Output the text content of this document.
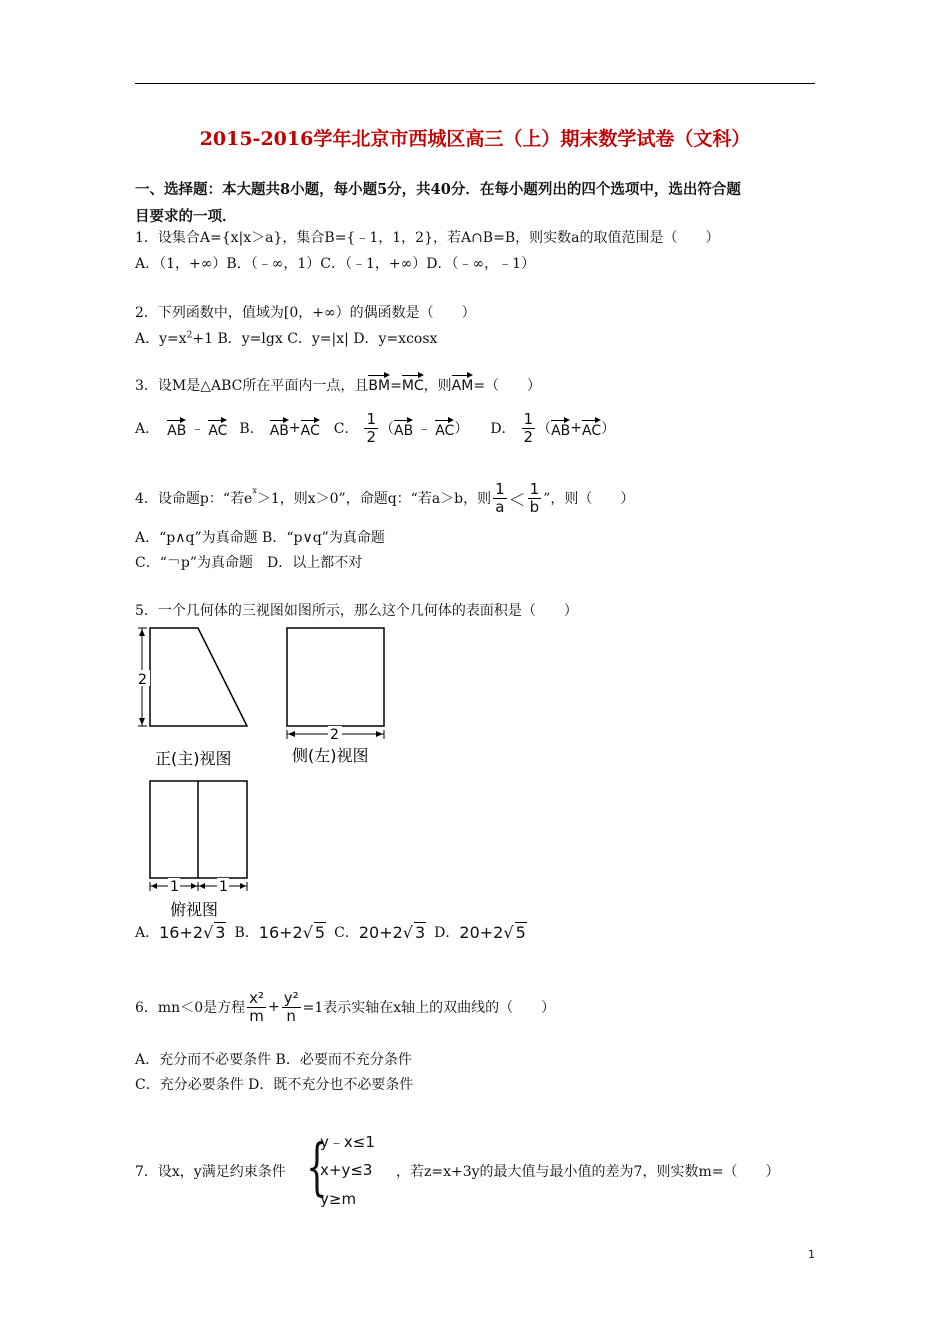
2015-2016学年北京市西城区高三（上）期末数学试卷（文科）
一、选择题：本大题共8小题，每小题5分，共40分．在每小题列出的四个选项中，选出符合题
目要求的一项．
1．设集合A={x|x＞a}，集合B={﹣1，1，2}，若A∩B=B，则实数a的取值范围是（　　）
A．（1，+∞）B．（﹣∞，1）C．（﹣1，+∞）D．（﹣∞，﹣1）
2．下列函数中，值域为[0，+∞）的偶函数是（　　）
A．$y=x^2+1$ B．y=lgx C．y=|x| D．y=xcosx
3．设M是△ABC所在平面内一点，且BM=MC，则AM=（　　）
A． AB ﹣ AC B． AB + AC C． $\frac{1}{2}$ （ AB ﹣ AC ） D． $\frac{1}{2}$ （ AB + AC ）
4．设命题p：“若e
$^x$
＞1，则x＞0”，命题q：“若a＞b，则 $\frac{1}{a} < \frac{1}{b}$ ”，则（　　）
A．“p∧q”为真命题 B．“p∨q”为真命题
C．“￢p”为真命题　D．以上都不对
5．一个几何体的三视图如图所示，那么这个几何体的表面积是（　　）
2
2
正(主)视图	侧(左)视图
1	1
俯视图
A． 16+2 √ 3 B． 16+2 √ 5 C． 20+2 √ 3 D． 20+2 √ 5
6．mn＜0是方程 $\frac{\text{x²}}{m} + \frac{\text{y²}}{n} =1$表示实轴在x轴上的双曲线的（　　）
A．充分而不必要条件 B．必要而不充分条件
C．充分必要条件 D．既不充分也不必要条件
7．设x，y满足约束条件 {
y﹣x≤1
x+y≤3
y≥m
，若z=x+3y的最大值与最小值的差为7，则实数m=（　　）
1
